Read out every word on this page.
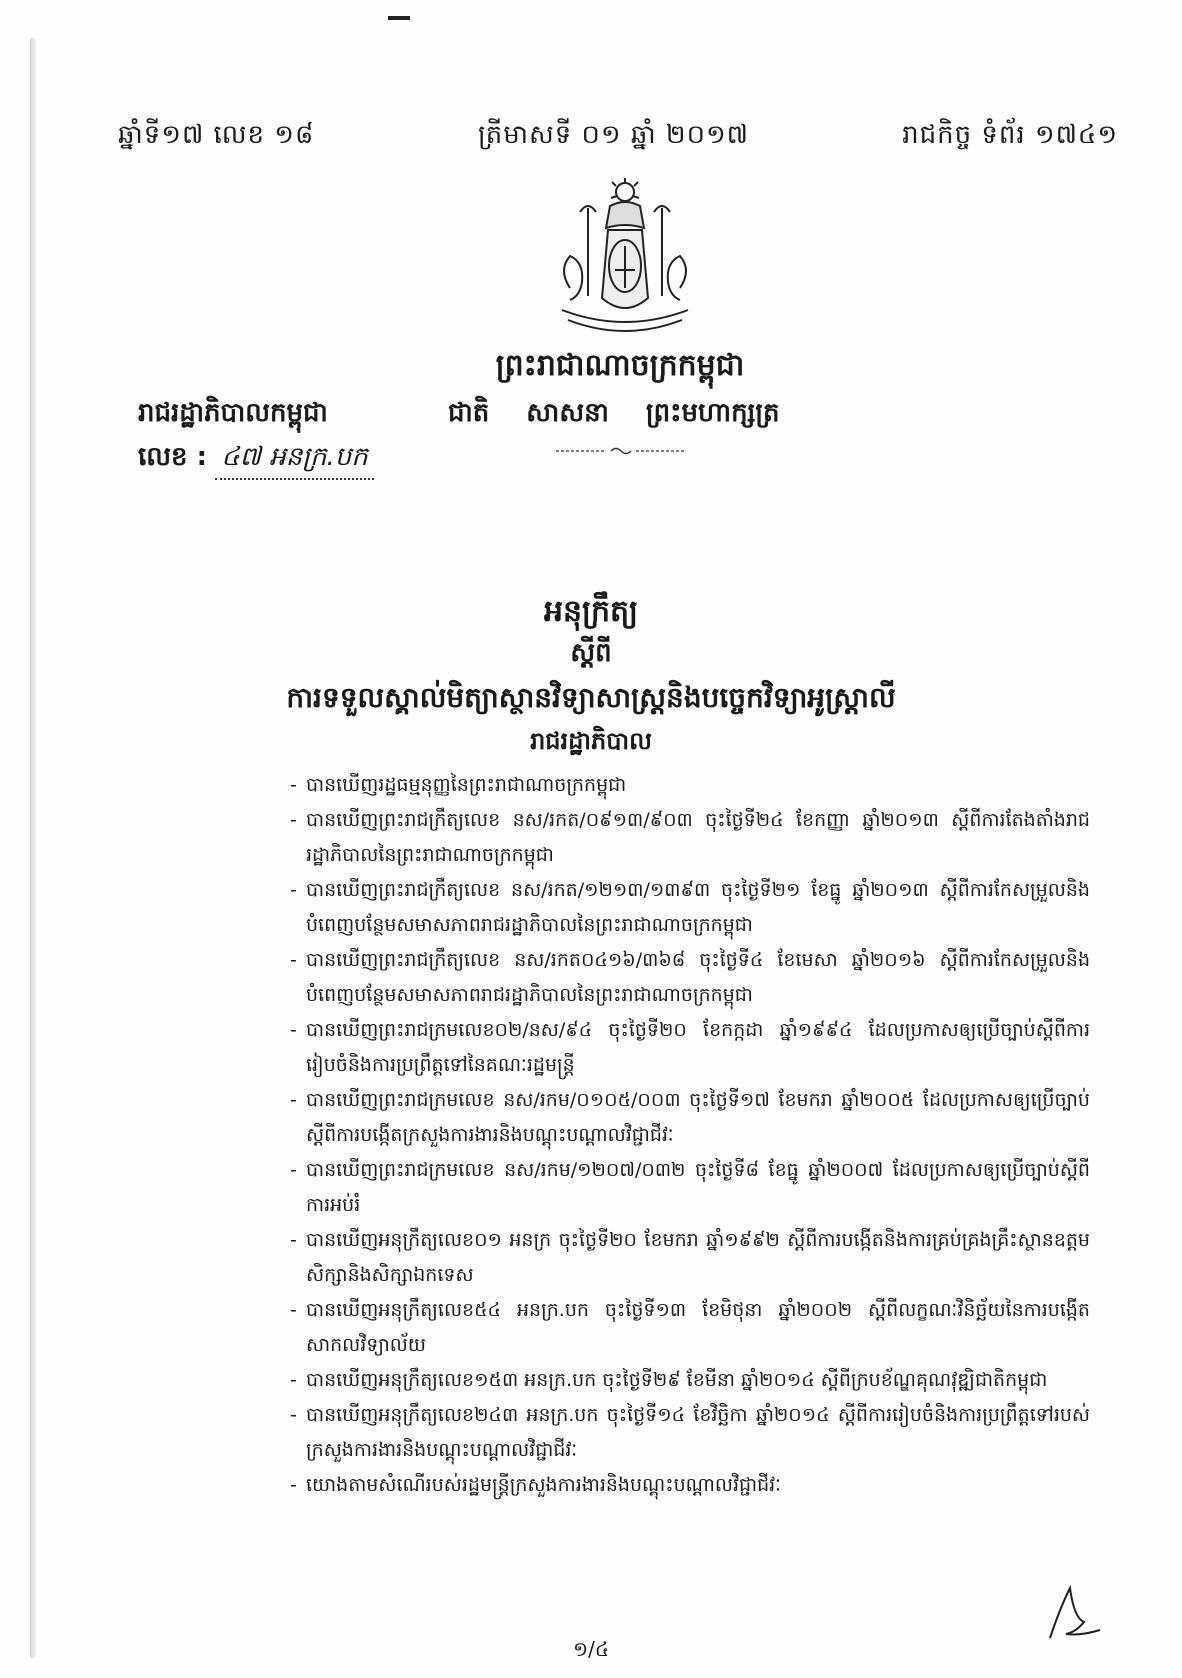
ឆ្នាំទី១៧ លេខ ១៨	ត្រីមាសទី ០១ ឆ្នាំ ២០១៧	រាជកិច្ច ទំព័រ ១៧៤១
ព្រះរាជាណាចក្រកម្ពុជា
រាជរដ្ឋាភិបាលកម្ពុជា	ជាតិ សាសនា ព្រះមហាក្សត្រ
លេខ : ៤៧ អនក្រ.បក
អនុក្រឹត្យ
ស្តីពី
ការទទួលស្គាល់មិត្យាស្ថានវិទ្យាសាស្ត្រនិងបច្ចេកវិទ្យាអូស្ត្រាលី
រាជរដ្ឋាភិបាល
- បានឃើញរដ្ឋធម្មនុញ្ញនៃព្រះរាជាណាចក្រកម្ពុជា
- បានឃើញព្រះរាជក្រឹត្យលេខ នស/រកត/០៩១៣/៩០៣ ចុះថ្ងៃទី២៤ ខែកញ្ញា ឆ្នាំ២០១៣ ស្តីពីការតែងតាំងរាជរដ្ឋាភិបាលនៃព្រះរាជាណាចក្រកម្ពុជា
- បានឃើញព្រះរាជក្រឹត្យលេខ នស/រកត/១២១៣/១៣៩៣ ចុះថ្ងៃទី២១ ខែធ្នូ ឆ្នាំ២០១៣ ស្តីពីការកែសម្រួលនិងបំពេញបន្ថែមសមាសភាពរាជរដ្ឋាភិបាលនៃព្រះរាជាណាចក្រកម្ពុជា
- បានឃើញព្រះរាជក្រឹត្យលេខ នស/រកត០៤១៦/៣៦៨ ចុះថ្ងៃទី៤ ខែមេសា ឆ្នាំ២០១៦ ស្តីពីការកែសម្រួលនិងបំពេញបន្ថែមសមាសភាពរាជរដ្ឋាភិបាលនៃព្រះរាជាណាចក្រកម្ពុជា
- បានឃើញព្រះរាជក្រមលេខ០២/នស/៩៤ ចុះថ្ងៃទី២០ ខែកក្កដា ឆ្នាំ១៩៩៤ ដែលប្រកាសឲ្យប្រើច្បាប់ស្តីពីការរៀបចំនិងការប្រព្រឹត្តទៅនៃគណៈរដ្ឋមន្ត្រី
- បានឃើញព្រះរាជក្រមលេខ នស/រកម/០១០៥/០០៣ ចុះថ្ងៃទី១៧ ខែមករា ឆ្នាំ២០០៥ ដែលប្រកាសឲ្យប្រើច្បាប់ស្តីពីការបង្កើតក្រសួងការងារនិងបណ្តុះបណ្តាលវិជ្ជាជីវៈ
- បានឃើញព្រះរាជក្រមលេខ នស/រកម/១២០៧/០៣២ ចុះថ្ងៃទី៨ ខែធ្នូ ឆ្នាំ២០០៧ ដែលប្រកាសឲ្យប្រើច្បាប់ស្តីពីការអប់រំ
- បានឃើញអនុក្រឹត្យលេខ០១ អនក្រ ចុះថ្ងៃទី២០ ខែមករា ឆ្នាំ១៩៩២ ស្តីពីការបង្កើតនិងការគ្រប់គ្រងគ្រឹះស្ថានឧត្តមសិក្សានិងសិក្សាឯកទេស
- បានឃើញអនុក្រឹត្យលេខ៥៤ អនក្រ.បក ចុះថ្ងៃទី១៣ ខែមិថុនា ឆ្នាំ២០០២ ស្តីពីលក្ខណៈវិនិច្ឆ័យនៃការបង្កើតសាកលវិទ្យាល័យ
- បានឃើញអនុក្រឹត្យលេខ១៥៣ អនក្រ.បក ចុះថ្ងៃទី២៩ ខែមីនា ឆ្នាំ២០១៤ ស្តីពីក្របខ័ណ្ឌគុណវុឌ្ឍិជាតិកម្ពុជា
- បានឃើញអនុក្រឹត្យលេខ២៤៣ អនក្រ.បក ចុះថ្ងៃទី១៤ ខែវិច្ឆិកា ឆ្នាំ២០១៤ ស្តីពីការរៀបចំនិងការប្រព្រឹត្តទៅរបស់ក្រសួងការងារនិងបណ្តុះបណ្តាលវិជ្ជាជីវៈ
- យោងតាមសំណើរបស់រដ្ឋមន្ត្រីក្រសួងការងារនិងបណ្តុះបណ្តាលវិជ្ជាជីវៈ
១/៤
